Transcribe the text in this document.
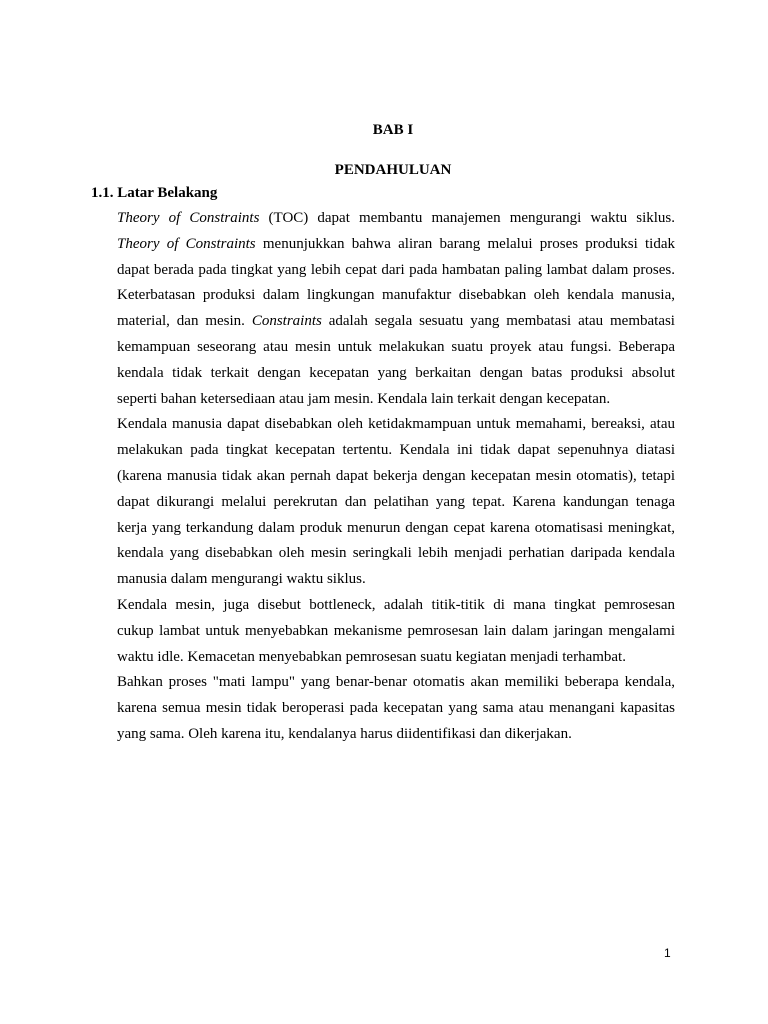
BAB I
PENDAHULUAN
1.1. Latar Belakang

Theory of Constraints (TOC) dapat membantu manajemen mengurangi waktu siklus.
Theory of Constraints menunjukkan bahwa aliran barang melalui proses produksi tidak
dapat berada pada tingkat yang lebih cepat dari pada hambatan paling lambat dalam proses.
Keterbatasan produksi dalam lingkungan manufaktur disebabkan oleh kendala manusia,
material, dan mesin. Constraints adalah segala sesuatu yang membatasi atau membatasi
kemampuan seseorang atau mesin untuk melakukan suatu proyek atau fungsi. Beberapa
kendala tidak terkait dengan kecepatan yang berkaitan dengan batas produksi absolut
seperti bahan ketersediaan atau jam mesin. Kendala lain terkait dengan kecepatan.

Kendala manusia dapat disebabkan oleh ketidakmampuan untuk memahami, bereaksi, atau
melakukan pada tingkat kecepatan tertentu. Kendala ini tidak dapat sepenuhnya diatasi
(karena manusia tidak akan pernah dapat bekerja dengan kecepatan mesin otomatis), tetapi
dapat dikurangi melalui perekrutan dan pelatihan yang tepat. Karena kandungan tenaga
kerja yang terkandung dalam produk menurun dengan cepat karena otomatisasi meningkat,
kendala yang disebabkan oleh mesin seringkali lebih menjadi perhatian daripada kendala
manusia dalam mengurangi waktu siklus.

Kendala mesin, juga disebut bottleneck, adalah titik-titik di mana tingkat pemrosesan
cukup lambat untuk menyebabkan mekanisme pemrosesan lain dalam jaringan mengalami
waktu idle. Kemacetan menyebabkan pemrosesan suatu kegiatan menjadi terhambat.

Bahkan proses "mati lampu" yang benar-benar otomatis akan memiliki beberapa kendala,
karena semua mesin tidak beroperasi pada kecepatan yang sama atau menangani kapasitas
yang sama. Oleh karena itu, kendalanya harus diidentifikasi dan dikerjakan.

1
